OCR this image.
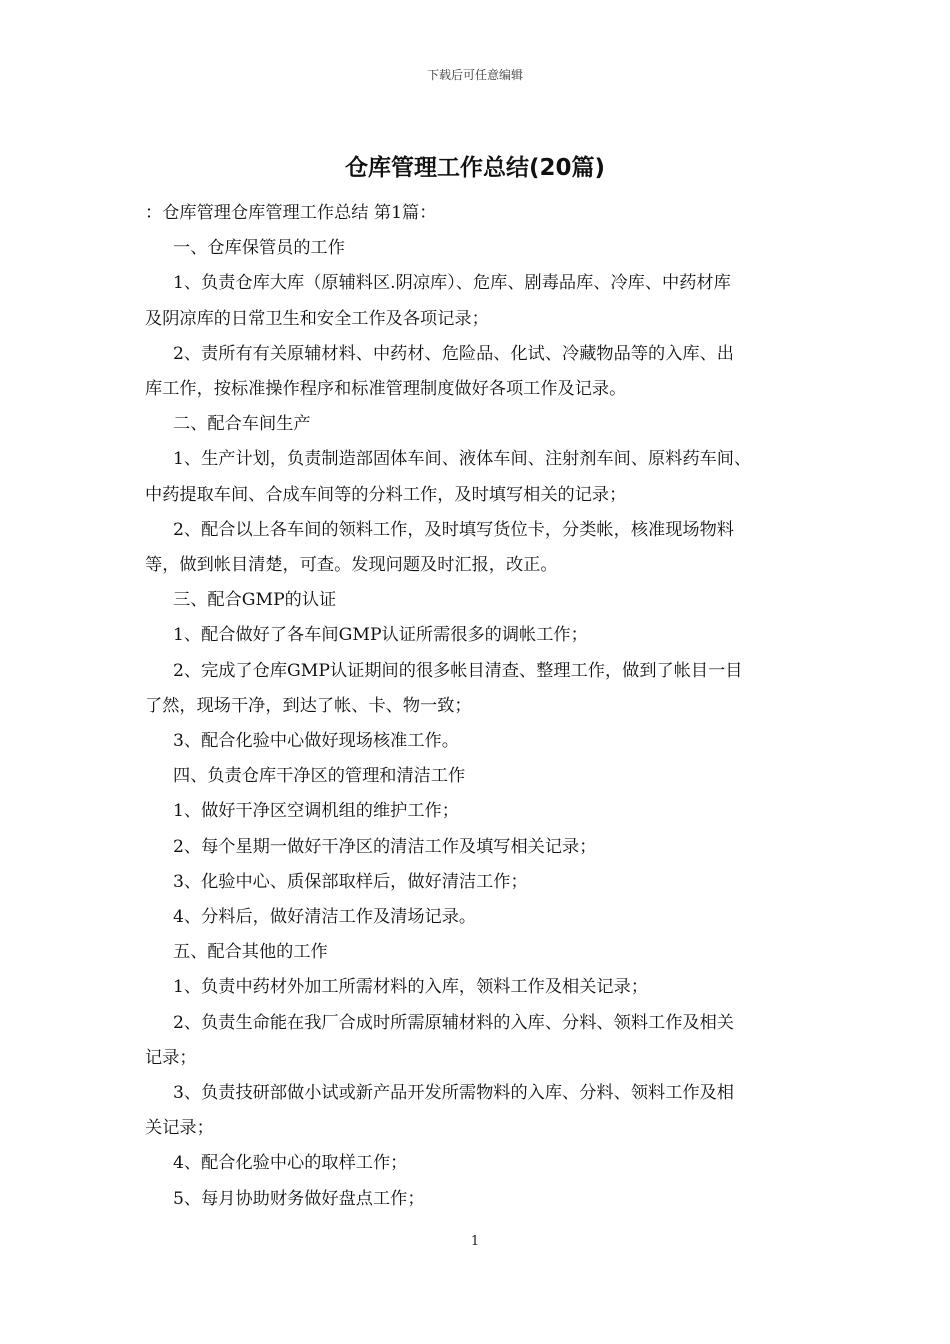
下载后可任意编辑
仓库管理工作总结(20篇)

：仓库管理仓库管理工作总结 第1篇：

一、仓库保管员的工作

1、负责仓库大库（原辅料区.阴凉库）、危库、剧毒品库、冷库、中药材库

及阴凉库的日常卫生和安全工作及各项记录；

2、责所有有关原辅材料、中药材、危险品、化试、冷藏物品等的入库、出

库工作，按标准操作程序和标准管理制度做好各项工作及记录。

二、配合车间生产

1、生产计划，负责制造部固体车间、液体车间、注射剂车间、原料药车间、

中药提取车间、合成车间等的分料工作，及时填写相关的记录；

2、配合以上各车间的领料工作，及时填写货位卡，分类帐，核准现场物料

等，做到帐目清楚，可查。发现问题及时汇报，改正。

三、配合GMP的认证

1、配合做好了各车间GMP认证所需很多的调帐工作；

2、完成了仓库GMP认证期间的很多帐目清查、整理工作，做到了帐目一目

了然，现场干净，到达了帐、卡、物一致；

3、配合化验中心做好现场核准工作。

四、负责仓库干净区的管理和清洁工作

1、做好干净区空调机组的维护工作；

2、每个星期一做好干净区的清洁工作及填写相关记录；

3、化验中心、质保部取样后，做好清洁工作；

4、分料后，做好清洁工作及清场记录。

五、配合其他的工作

1、负责中药材外加工所需材料的入库，领料工作及相关记录；

2、负责生命能在我厂合成时所需原辅材料的入库、分料、领料工作及相关

记录；

3、负责技研部做小试或新产品开发所需物料的入库、分料、领料工作及相

关记录；

4、配合化验中心的取样工作；

5、每月协助财务做好盘点工作；

1
